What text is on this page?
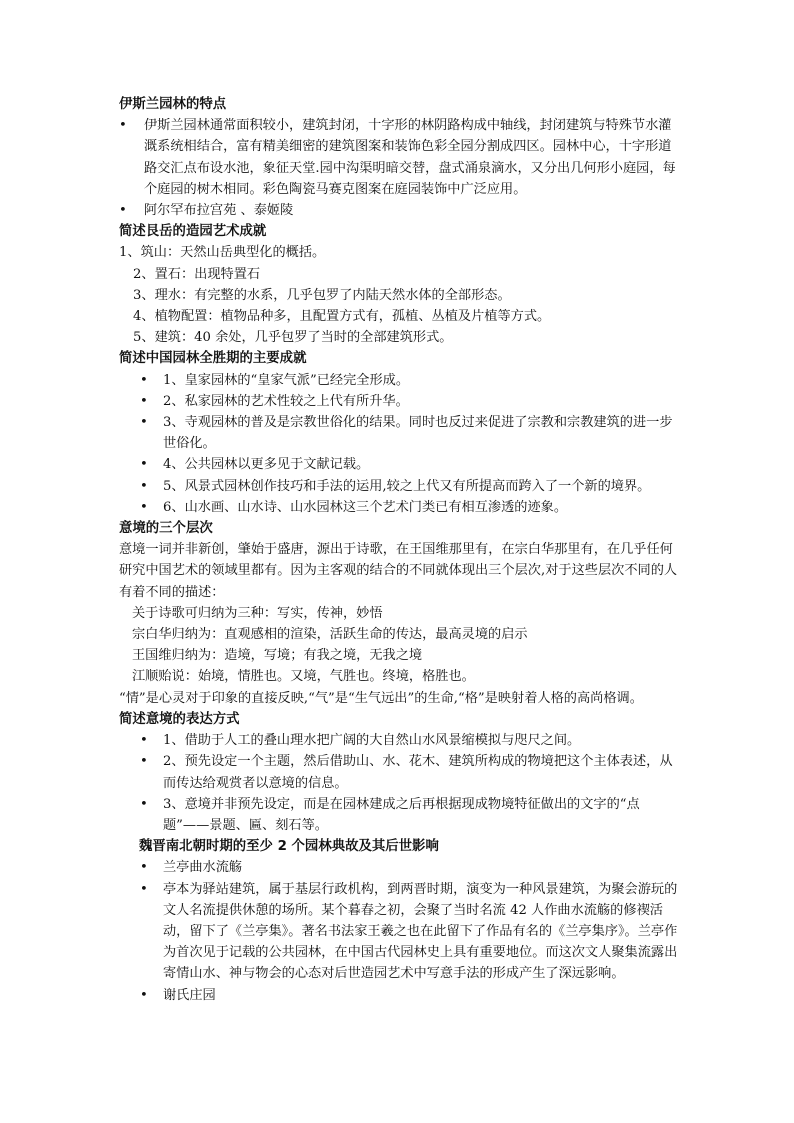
伊斯兰园林的特点
•	伊斯兰园林通常面积较小，建筑封闭，十字形的林阴路构成中轴线，封闭建筑与特殊节水灌溉系统相结合，富有精美细密的建筑图案和装饰色彩全园分割成四区。园林中心，十字形道路交汇点布设水池，象征天堂.园中沟渠明暗交替，盘式涌泉滴水，又分出几何形小庭园，每个庭园的树木相同。彩色陶瓷马赛克图案在庭园装饰中广泛应用。
•	阿尔罕布拉宫苑 、泰姬陵
简述艮岳的造园艺术成就
1、筑山：天然山岳典型化的概括。
2、置石：出现特置石
3、理水：有完整的水系，几乎包罗了内陆天然水体的全部形态。
4、植物配置：植物品种多，且配置方式有，孤植、丛植及片植等方式。
5、建筑：40 余处，几乎包罗了当时的全部建筑形式。
简述中国园林全胜期的主要成就
•	1、皇家园林的“皇家气派”已经完全形成。
•	2、私家园林的艺术性较之上代有所升华。
•	3、寺观园林的普及是宗教世俗化的结果。同时也反过来促进了宗教和宗教建筑的进一步世俗化。
•	4、公共园林以更多见于文献记载。
•	5、风景式园林创作技巧和手法的运用,较之上代又有所提高而跨入了一个新的境界。
•	6、山水画、山水诗、山水园林这三个艺术门类已有相互渗透的迹象。
意境的三个层次
意境一词并非新创，肇始于盛唐，源出于诗歌，在王国维那里有，在宗白华那里有，在几乎任何研究中国艺术的领域里都有。因为主客观的结合的不同就体现出三个层次,对于这些层次不同的人有着不同的描述：
关于诗歌可归纳为三种：写实，传神，妙悟
宗白华归纳为：直观感相的渲染，活跃生命的传达，最高灵境的启示
王国维归纳为：造境，写境；有我之境，无我之境
江顺贻说：始境，情胜也。又境，气胜也。终境，格胜也。
“情”是心灵对于印象的直接反映,“气”是“生气远出”的生命,“格”是映射着人格的高尚格调。
简述意境的表达方式
•	1、借助于人工的叠山理水把广阔的大自然山水风景缩模拟与咫尺之间。
•	2、预先设定一个主题，然后借助山、水、花木、建筑所构成的物境把这个主体表述，从而传达给观赏者以意境的信息。
•	3、意境并非预先设定，而是在园林建成之后再根据现成物境特征做出的文字的“点题”——景题、匾、刻石等。
魏晋南北朝时期的至少 2 个园林典故及其后世影响
•	兰亭曲水流觞
•	亭本为驿站建筑，属于基层行政机构，到两晋时期，演变为一种风景建筑，为聚会游玩的文人名流提供休憩的场所。某个暮春之初，会聚了当时名流 42 人作曲水流觞的修禊活动，留下了《兰亭集》。著名书法家王羲之也在此留下了作品有名的《兰亭集序》。兰亭作为首次见于记载的公共园林，在中国古代园林史上具有重要地位。而这次文人聚集流露出寄情山水、神与物会的心态对后世造园艺术中写意手法的形成产生了深远影响。
•	谢氏庄园
